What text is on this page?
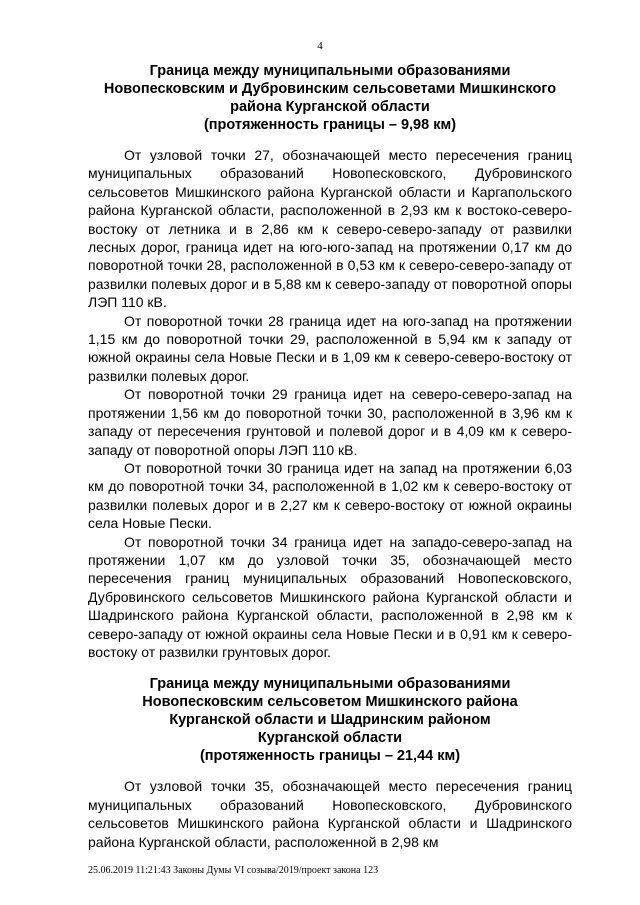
4
Граница между муниципальными образованиями
Новопесковским и Дубровинским сельсоветами Мишкинского
района Курганской области
(протяженность границы – 9,98 км)

От узловой точки 27, обозначающей место пересечения границ муниципальных образований Новопесковского, Дубровинского сельсоветов Мишкинского района Курганской области и Каргапольского района Курганской области, расположенной в 2,93 км к востоко-северо-востоку от летника и в 2,86 км к северо-северо-западу от развилки лесных дорог, граница идет на юго-юго-запад на протяжении 0,17 км до поворотной точки 28, расположенной в 0,53 км к северо-северо-западу от развилки полевых дорог и в 5,88 км к северо-западу от поворотной опоры ЛЭП 110 кВ.

От поворотной точки 28 граница идет на юго-запад на протяжении 1,15 км до поворотной точки 29, расположенной в 5,94 км к западу от южной окраины села Новые Пески и в 1,09 км к северо-северо-востоку от развилки полевых дорог.

От поворотной точки 29 граница идет на северо-северо-запад на протяжении 1,56 км до поворотной точки 30, расположенной в 3,96 км к западу от пересечения грунтовой и полевой дорог и в 4,09 км к северо-западу от поворотной опоры ЛЭП 110 кВ.

От поворотной точки 30 граница идет на запад на протяжении 6,03 км до поворотной точки 34, расположенной в 1,02 км к северо-востоку от развилки полевых дорог и в 2,27 км к северо-востоку от южной окраины села Новые Пески.

От поворотной точки 34 граница идет на западо-северо-запад на протяжении 1,07 км до узловой точки 35, обозначающей место пересечения границ муниципальных образований Новопесковского, Дубровинского сельсоветов Мишкинского района Курганской области и Шадринского района Курганской области, расположенной в 2,98 км к северо-западу от южной окраины села Новые Пески и в 0,91 км к северо-востоку от развилки грунтовых дорог.

Граница между муниципальными образованиями
Новопесковским сельсоветом Мишкинского района
Курганской области и Шадринским районом
Курганской области
(протяженность границы – 21,44 км)

От узловой точки 35, обозначающей место пересечения границ муниципальных образований Новопесковского, Дубровинского сельсоветов Мишкинского района Курганской области и Шадринского района Курганской области, расположенной в 2,98 км

25.06.2019 11:21:43 Законы Думы VI созыва/2019/проект закона 123
